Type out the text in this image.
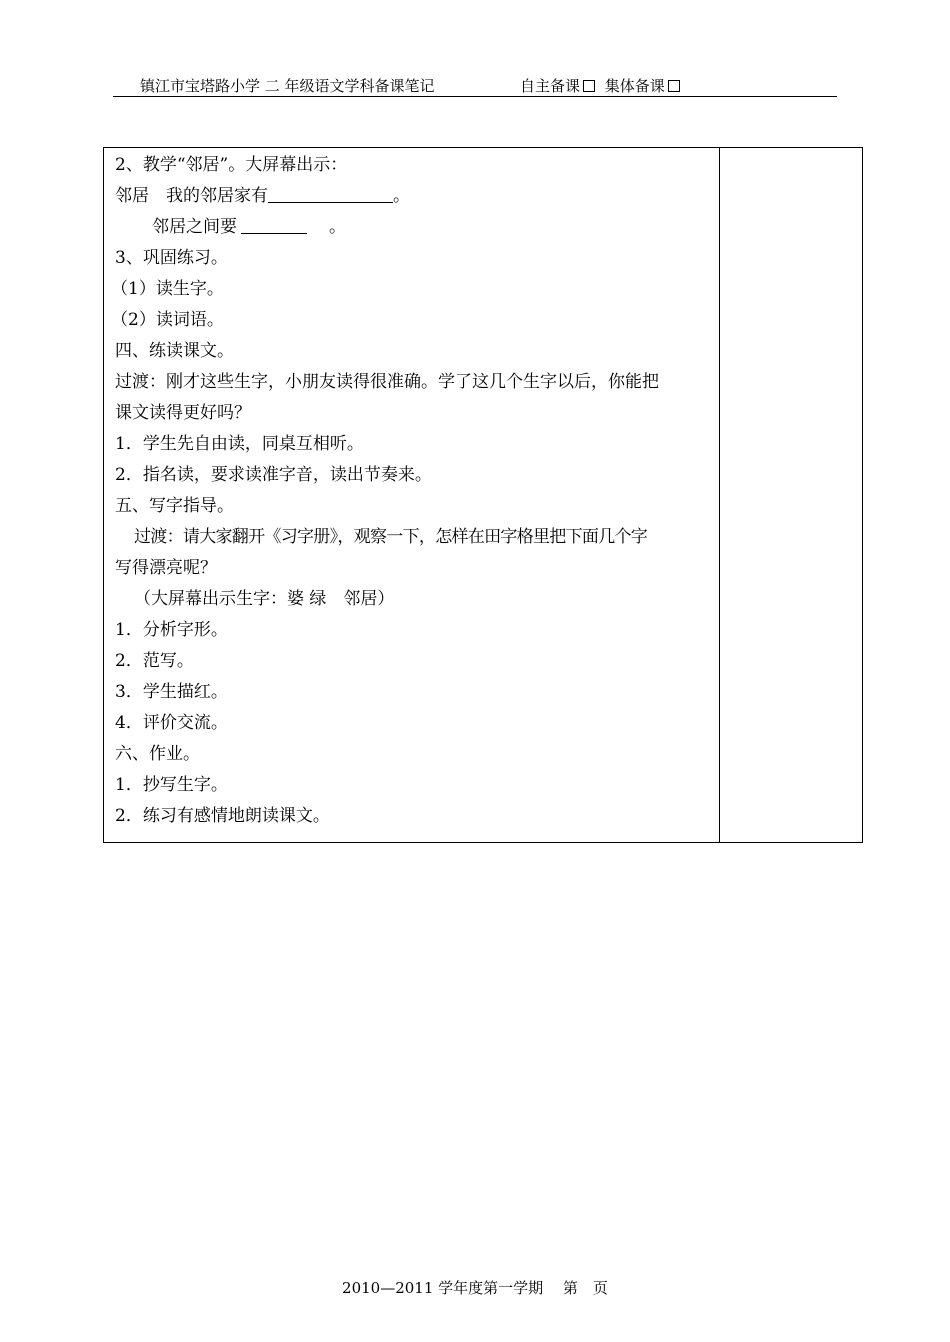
镇江市宝塔路小学 二 年级语文学科备课笔记	自主备课 集体备课
2、教学“邻居”。大屏幕出示：
邻居　我的邻居家有	。
邻居之间要	。
3、巩固练习。
（1）读生字。
（2）读词语。
四、练读课文。
过渡：刚才这些生字，小朋友读得很准确。学了这几个生字以后，你能把
课文读得更好吗？
1．学生先自由读，同桌互相听。
2．指名读，要求读准字音，读出节奏来。
五、写字指导。
过渡：请大家翻开《习字册》，观察一下，怎样在田字格里把下面几个字
写得漂亮呢？
（大屏幕出示生字：婆 绿　邻居）
1．分析字形。
2．范写。
3．学生描红。
4．评价交流。
六、作业。
1．抄写生字。
2．练习有感情地朗读课文。
2010—2011 学年度第一学期　 第　页
